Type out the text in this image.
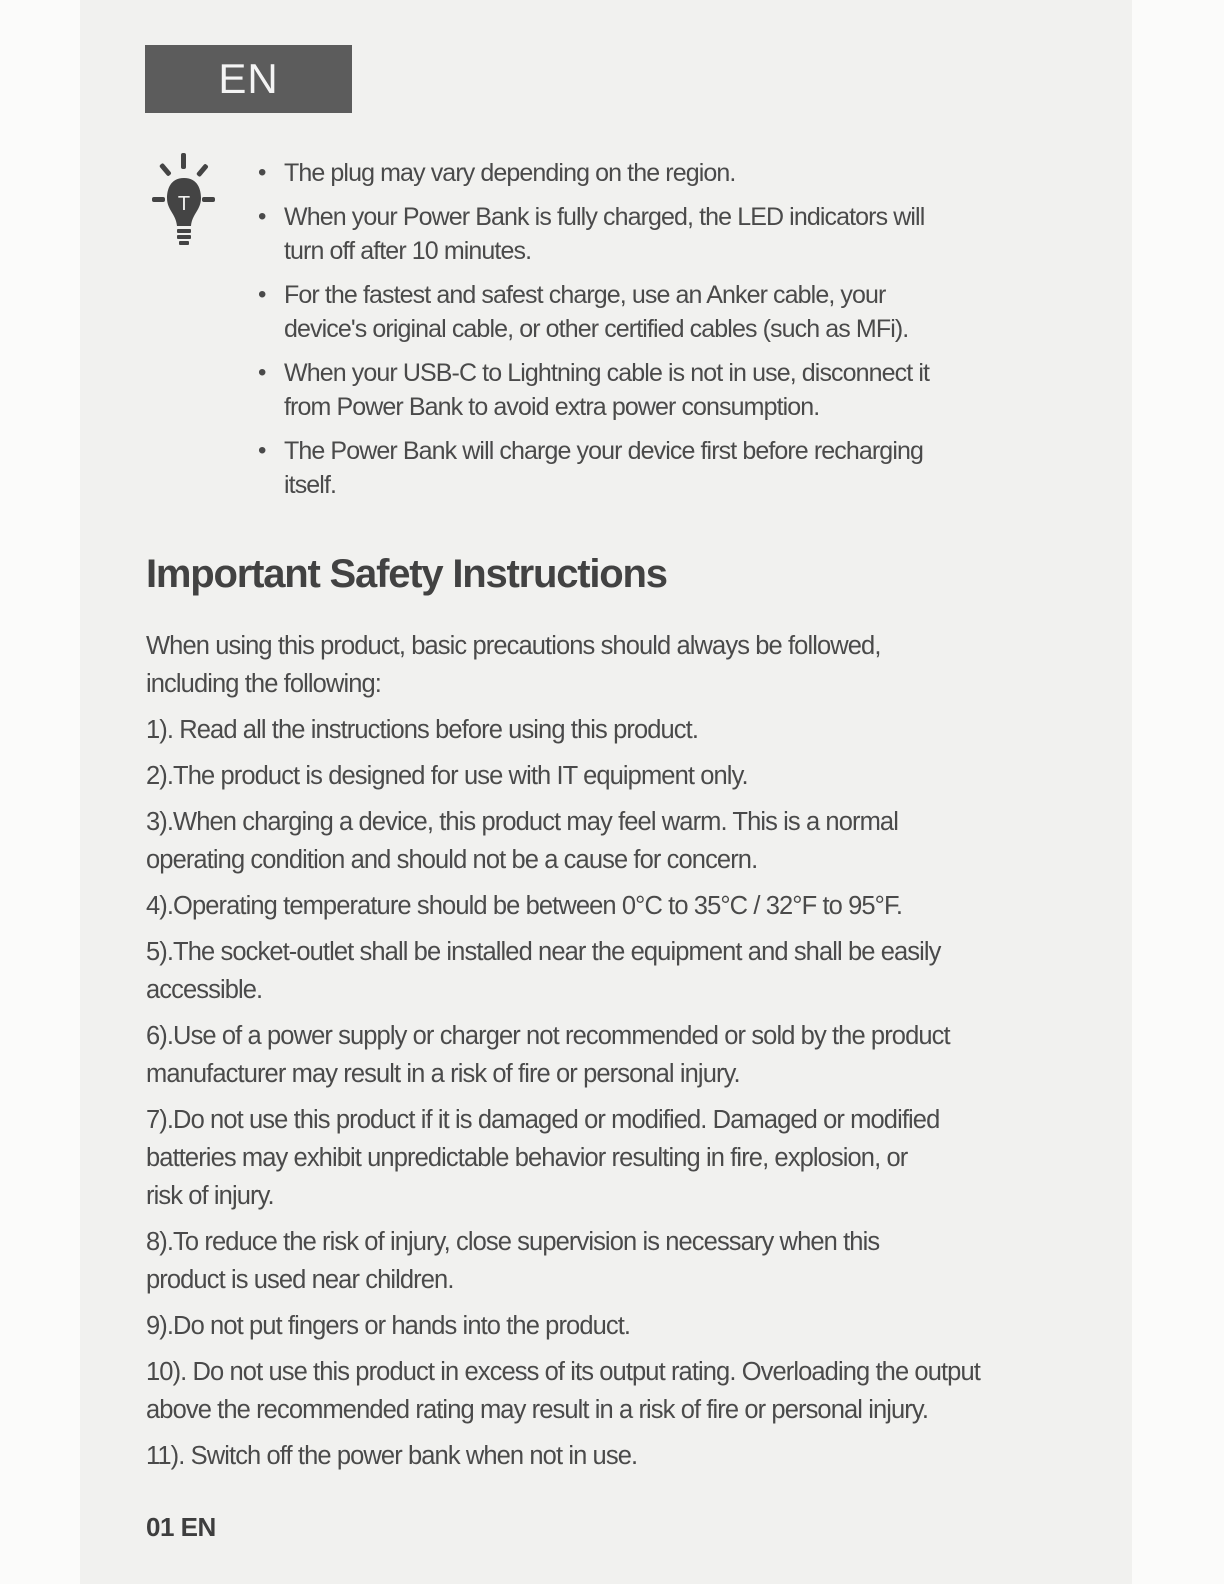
EN
T
• The plug may vary depending on the region.
• When your Power Bank is fully charged, the LED indicators will
turn off after 10 minutes.
• For the fastest and safest charge, use an Anker cable, your
device's original cable, or other certified cables (such as MFi).
• When your USB-C to Lightning cable is not in use, disconnect it
from Power Bank to avoid extra power consumption.
• The Power Bank will charge your device first before recharging
itself.
Important Safety Instructions
When using this product, basic precautions should always be followed,
including the following:
1). Read all the instructions before using this product.
2).The product is designed for use with IT equipment only.
3).When charging a device, this product may feel warm. This is a normal
operating condition and should not be a cause for concern.
4).Operating temperature should be between 0°C to 35°C / 32°F to 95°F.
5).The socket-outlet shall be installed near the equipment and shall be easily
accessible.
6).Use of a power supply or charger not recommended or sold by the product
manufacturer may result in a risk of fire or personal injury.
7).Do not use this product if it is damaged or modified. Damaged or modified
batteries may exhibit unpredictable behavior resulting in fire, explosion, or
risk of injury.
8).To reduce the risk of injury, close supervision is necessary when this
product is used near children.
9).Do not put fingers or hands into the product.
10). Do not use this product in excess of its output rating. Overloading the output
above the recommended rating may result in a risk of fire or personal injury.
11). Switch off the power bank when not in use.
01 EN
